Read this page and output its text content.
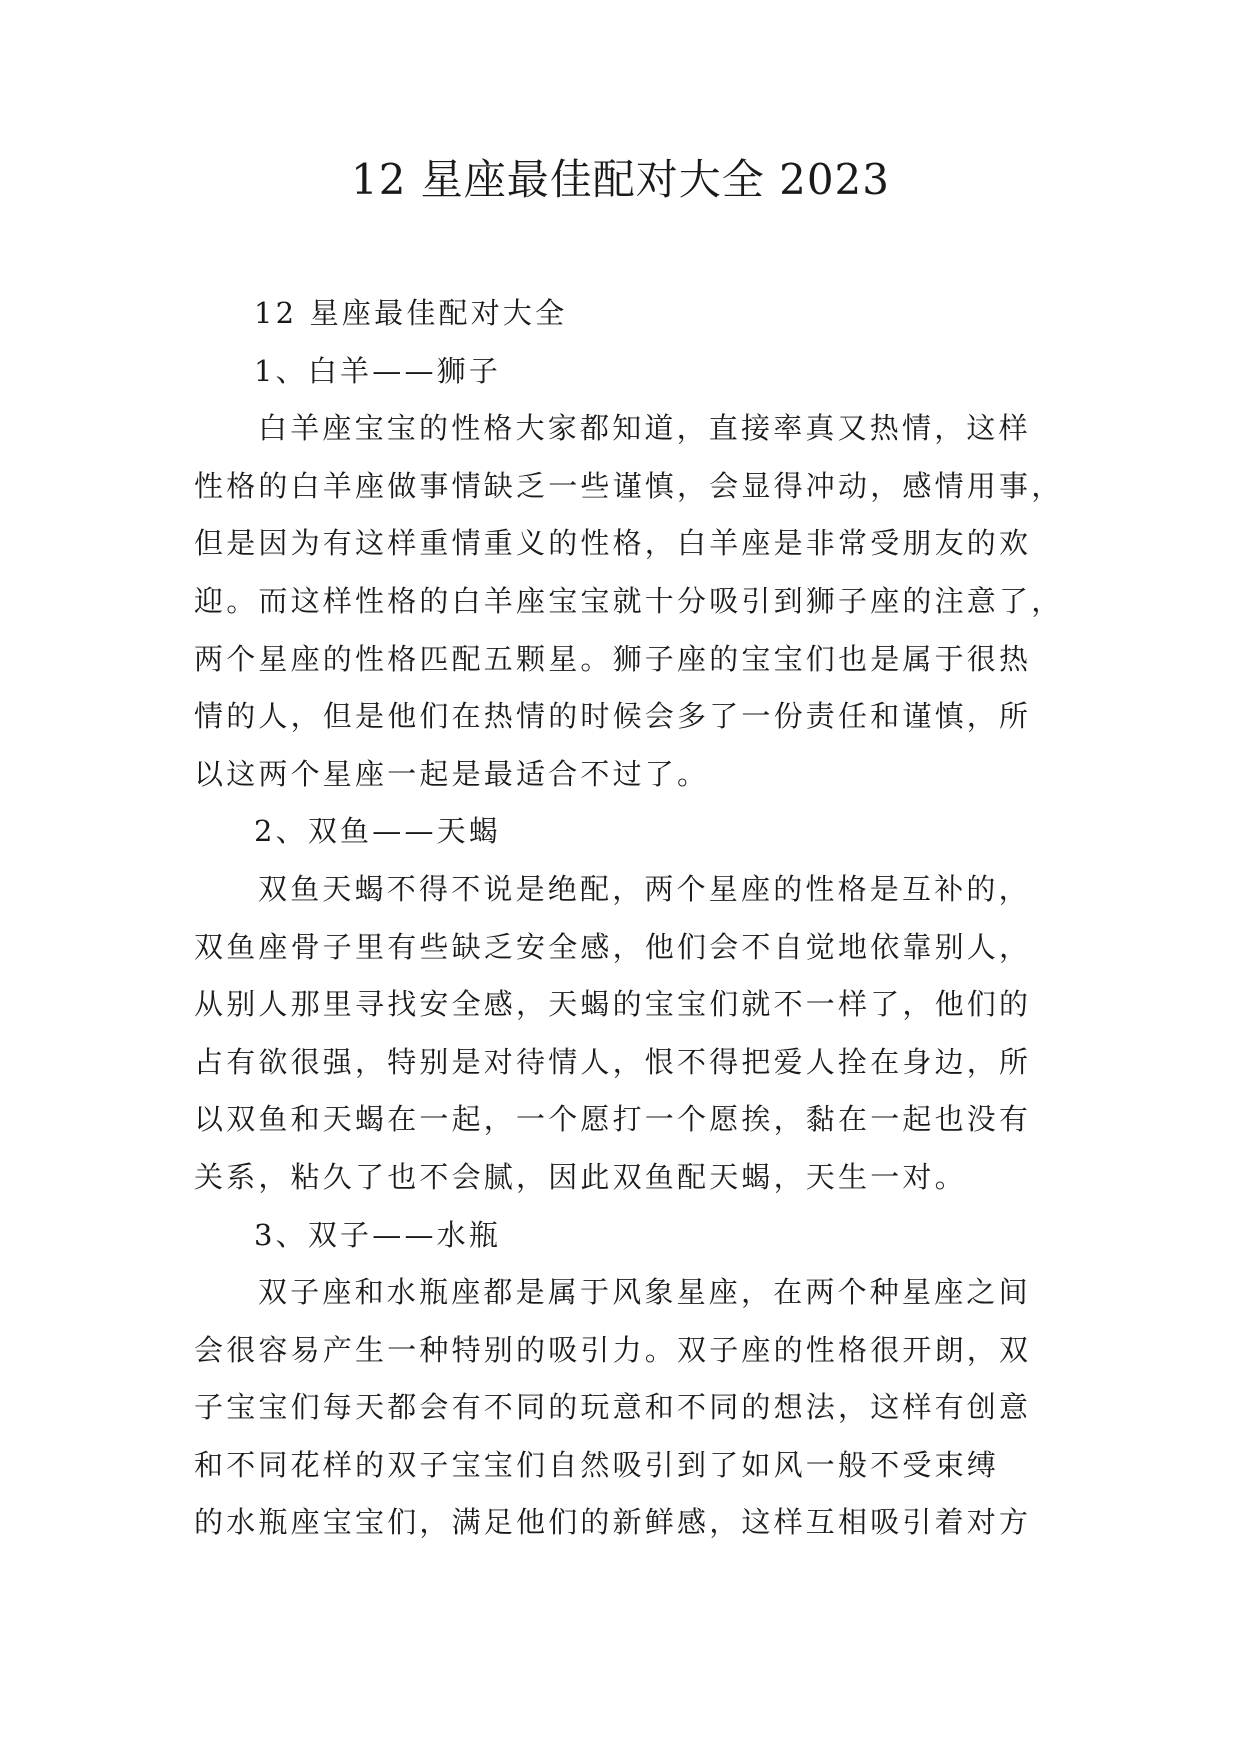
12 星座最佳配对大全 2023
12 星座最佳配对大全
1、白羊——狮子
白羊座宝宝的性格大家都知道，直接率真又热情，这样
性格的白羊座做事情缺乏一些谨慎，会显得冲动，感情用事，
但是因为有这样重情重义的性格，白羊座是非常受朋友的欢
迎。而这样性格的白羊座宝宝就十分吸引到狮子座的注意了，
两个星座的性格匹配五颗星。狮子座的宝宝们也是属于很热
情的人，但是他们在热情的时候会多了一份责任和谨慎，所
以这两个星座一起是最适合不过了。
2、双鱼——天蝎
双鱼天蝎不得不说是绝配，两个星座的性格是互补的，
双鱼座骨子里有些缺乏安全感，他们会不自觉地依靠别人，
从别人那里寻找安全感，天蝎的宝宝们就不一样了，他们的
占有欲很强，特别是对待情人，恨不得把爱人拴在身边，所
以双鱼和天蝎在一起，一个愿打一个愿挨，黏在一起也没有
关系，粘久了也不会腻，因此双鱼配天蝎，天生一对。
3、双子——水瓶
双子座和水瓶座都是属于风象星座，在两个种星座之间
会很容易产生一种特别的吸引力。双子座的性格很开朗，双
子宝宝们每天都会有不同的玩意和不同的想法，这样有创意
和不同花样的双子宝宝们自然吸引到了如风一般不受束缚
的水瓶座宝宝们，满足他们的新鲜感，这样互相吸引着对方
